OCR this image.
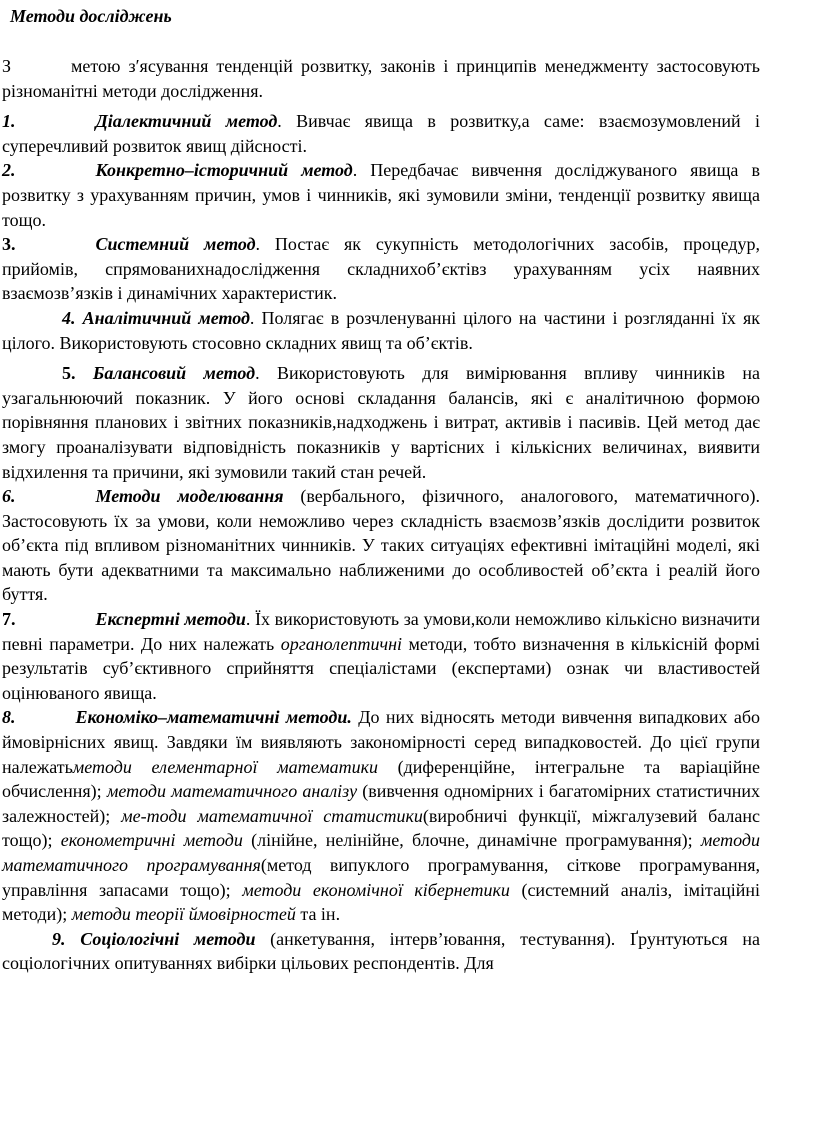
Методи досліджень

З	метою з′ясування тенденцій розвитку, законів і принципів менеджменту застосовують різноманітні методи дослідження.

1.	Діалектичний метод. Вивчає явища в розвитку,а саме: взаємозумовлений і суперечливий розвиток явищ дійсності.

2.	Конкретно–історичний метод. Передбачає вивчення досліджуваного явища в розвитку з урахуванням причин, умов і чинників, які зумовили зміни, тенденції розвитку явища тощо.

3.	Системний метод. Постає як сукупність методологічних засобів, процедур, прийомів, спрямованихнадослідження складнихоб’єктівз урахуванням усіх наявних взаємозв’язків і динамічних характеристик.

4. Аналітичний метод. Полягає в розчленуванні цілого на частини і розгляданні їх як цілого. Використовують стосовно складних явищ та об’єктів.

5. Балансовий метод. Використовують для вимірювання впливу чинників на узагальнюючий показник. У його основі складання балансів, які є аналітичною формою порівняння планових і звітних показників,надходжень і витрат, активів і пасивів. Цей метод дає змогу проаналізувати відповідність показників у вартісних і кількісних величинах, виявити відхилення та причини, які зумовили такий стан речей.

6.	Методи моделювання (вербального, фізичного, аналогового, математичного). Застосовують їх за умови, коли неможливо через складність взаємозв’язків дослідити розвиток об’єкта під впливом різноманітних чинників. У таких ситуаціях ефективні імітаційні моделі, які мають бути адекватними та максимально наближеними до особливостей об’єкта і реалій його буття.

7.	Експертні методи. Їх використовують за умови,коли неможливо кількісно визначити певні параметри. До них належать органолептичні методи, тобто визначення в кількісній формі результатів суб’єктивного сприйняття спеціалістами (експертами) ознак чи властивостей оцінюваного явища.

8.	Економіко–математичні методи. До них відносять методи вивчення випадкових або ймовірнісних явищ. Завдяки їм виявляють закономірності серед випадковостей. До цієї групи належатьметоди елементарної математики (диференційне, інтегральне та варіаційне обчислення); методи математичного аналізу (вивчення одномірних і багатомірних статистичних залежностей); ме-тоди математичної статистики(виробничі функції, міжгалузевий баланс тощо); економетричні методи (лінійне, нелінійне, блочне, динамічне програмування); методи математичного програмування(метод випуклого програмування, сіткове програмування, управління запасами тощо); методи економічної кібернетики (системний аналіз, імітаційні методи); методи теорії ймовірностей та ін.

9. Соціологічні методи (анкетування, інтерв’ювання, тестування). Ґрунтуються на соціологічних опитуваннях вибірки цільових респондентів. Для
